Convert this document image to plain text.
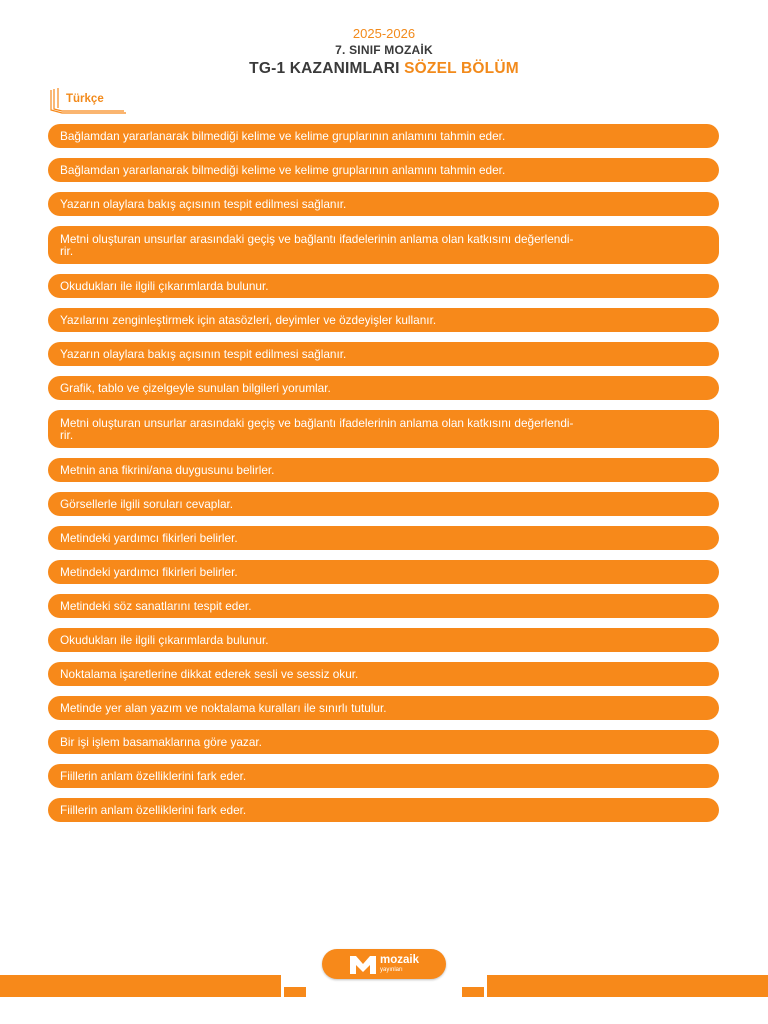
2025-2026
7. SINIF MOZAİK
TG-1 KAZANIMLARI SÖZEL BÖLÜM
Türkçe
Bağlamdan yararlanarak bilmediği kelime ve kelime gruplarının anlamını tahmin eder.
Bağlamdan yararlanarak bilmediği kelime ve kelime gruplarının anlamını tahmin eder.
Yazarın olaylara bakış açısının tespit edilmesi sağlanır.
Metni oluşturan unsurlar arasındaki geçiş ve bağlantı ifadelerinin anlama olan katkısını değerlendi-
rir.
Okudukları ile ilgili çıkarımlarda bulunur.
Yazılarını zenginleştirmek için atasözleri, deyimler ve özdeyişler kullanır.
Yazarın olaylara bakış açısının tespit edilmesi sağlanır.
Grafik, tablo ve çizelgeyle sunulan bilgileri yorumlar.
Metni oluşturan unsurlar arasındaki geçiş ve bağlantı ifadelerinin anlama olan katkısını değerlendi-
rir.
Metnin ana fikrini/ana duygusunu belirler.
Görsellerle ilgili soruları cevaplar.
Metindeki yardımcı fikirleri belirler.
Metindeki yardımcı fikirleri belirler.
Metindeki söz sanatlarını tespit eder.
Okudukları ile ilgili çıkarımlarda bulunur.
Noktalama işaretlerine dikkat ederek sesli ve sessiz okur.
Metinde yer alan yazım ve noktalama kuralları ile sınırlı tutulur.
Bir işi işlem basamaklarına göre yazar.
Fiillerin anlam özelliklerini fark eder.
Fiillerin anlam özelliklerini fark eder.
mozaik
yayınları
